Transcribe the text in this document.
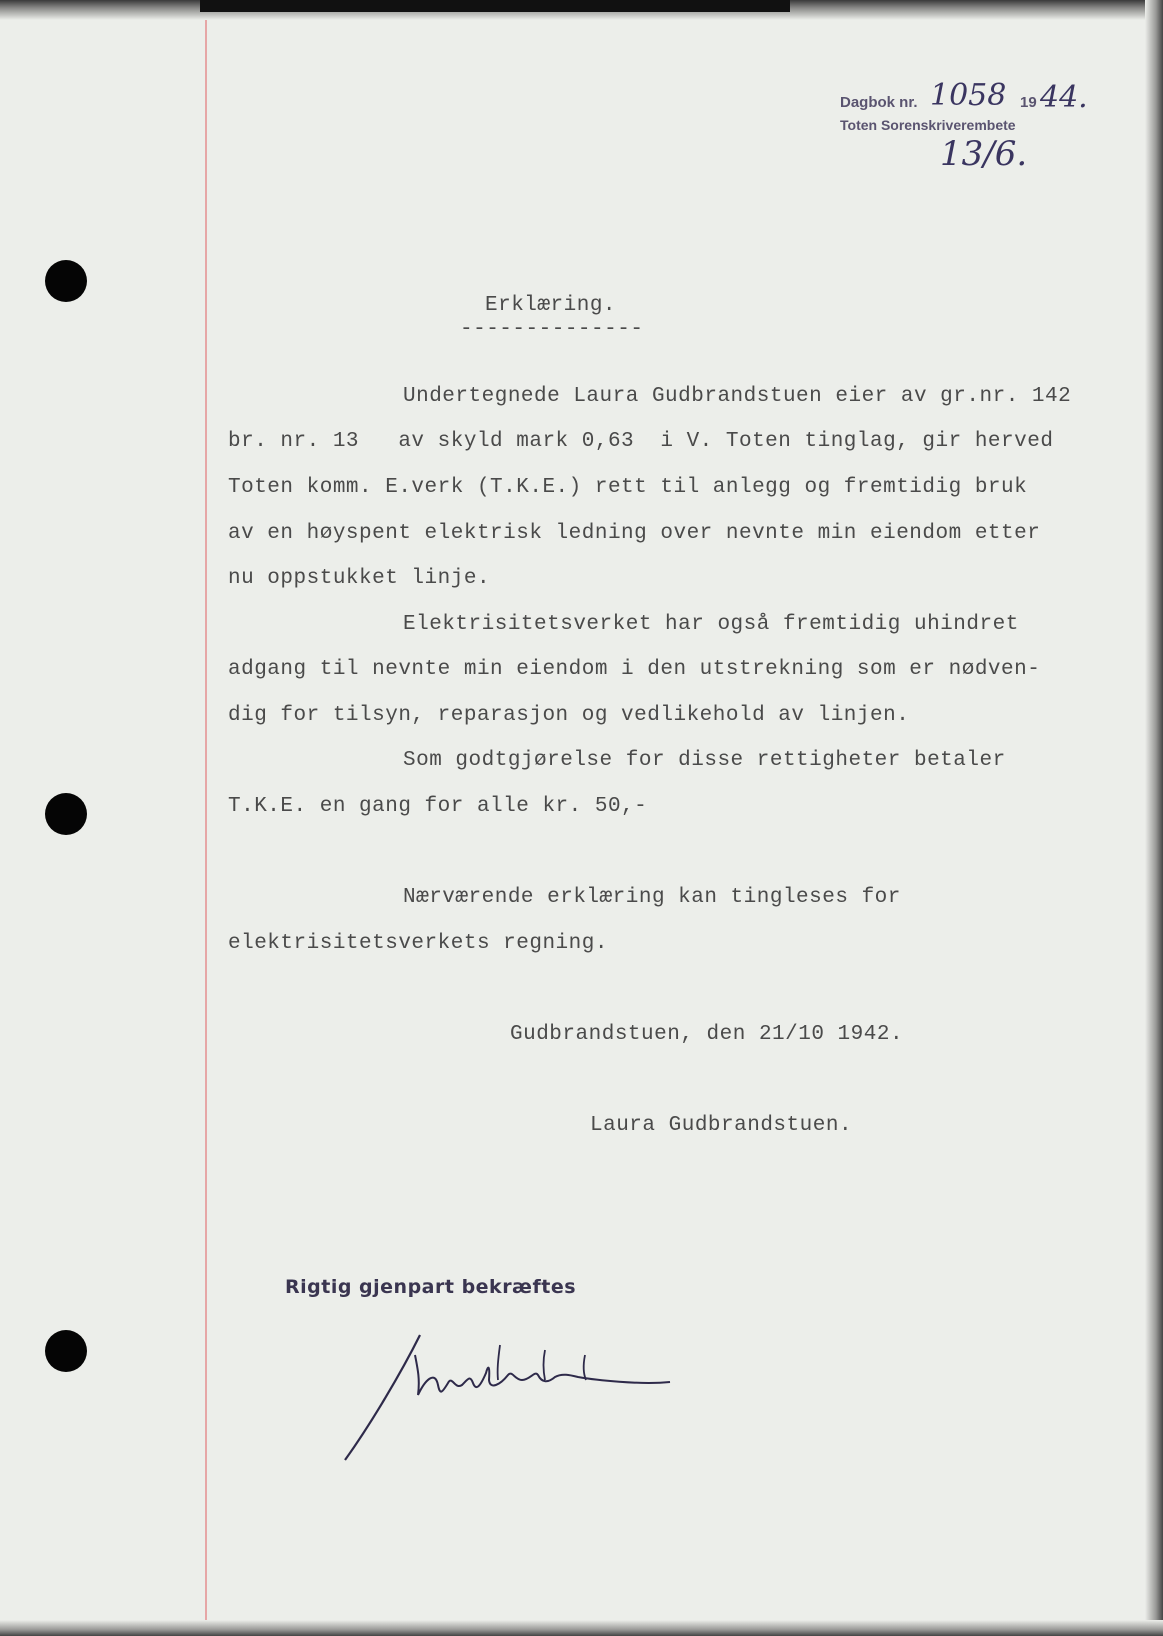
Dagbok nr. 1058 19 44.
Toten Sorenskriverembete
13/6.
Erklæring.
--------------
Undertegnede Laura Gudbrandstuen eier av gr.nr. 142
br. nr. 13   av skyld mark 0,63  i V. Toten tinglag, gir herved
Toten komm. E.verk (T.K.E.) rett til anlegg og fremtidig bruk
av en høyspent elektrisk ledning over nevnte min eiendom etter
nu oppstukket linje.
Elektrisitetsverket har også fremtidig uhindret
adgang til nevnte min eiendom i den utstrekning som er nødven-
dig for tilsyn, reparasjon og vedlikehold av linjen.
Som godtgjørelse for disse rettigheter betaler
T.K.E. en gang for alle kr. 50,-
Nærværende erklæring kan tingleses for
elektrisitetsverkets regning.
Gudbrandstuen, den 21/10 1942.
Laura Gudbrandstuen.
Rigtig gjenpart bekræftes
